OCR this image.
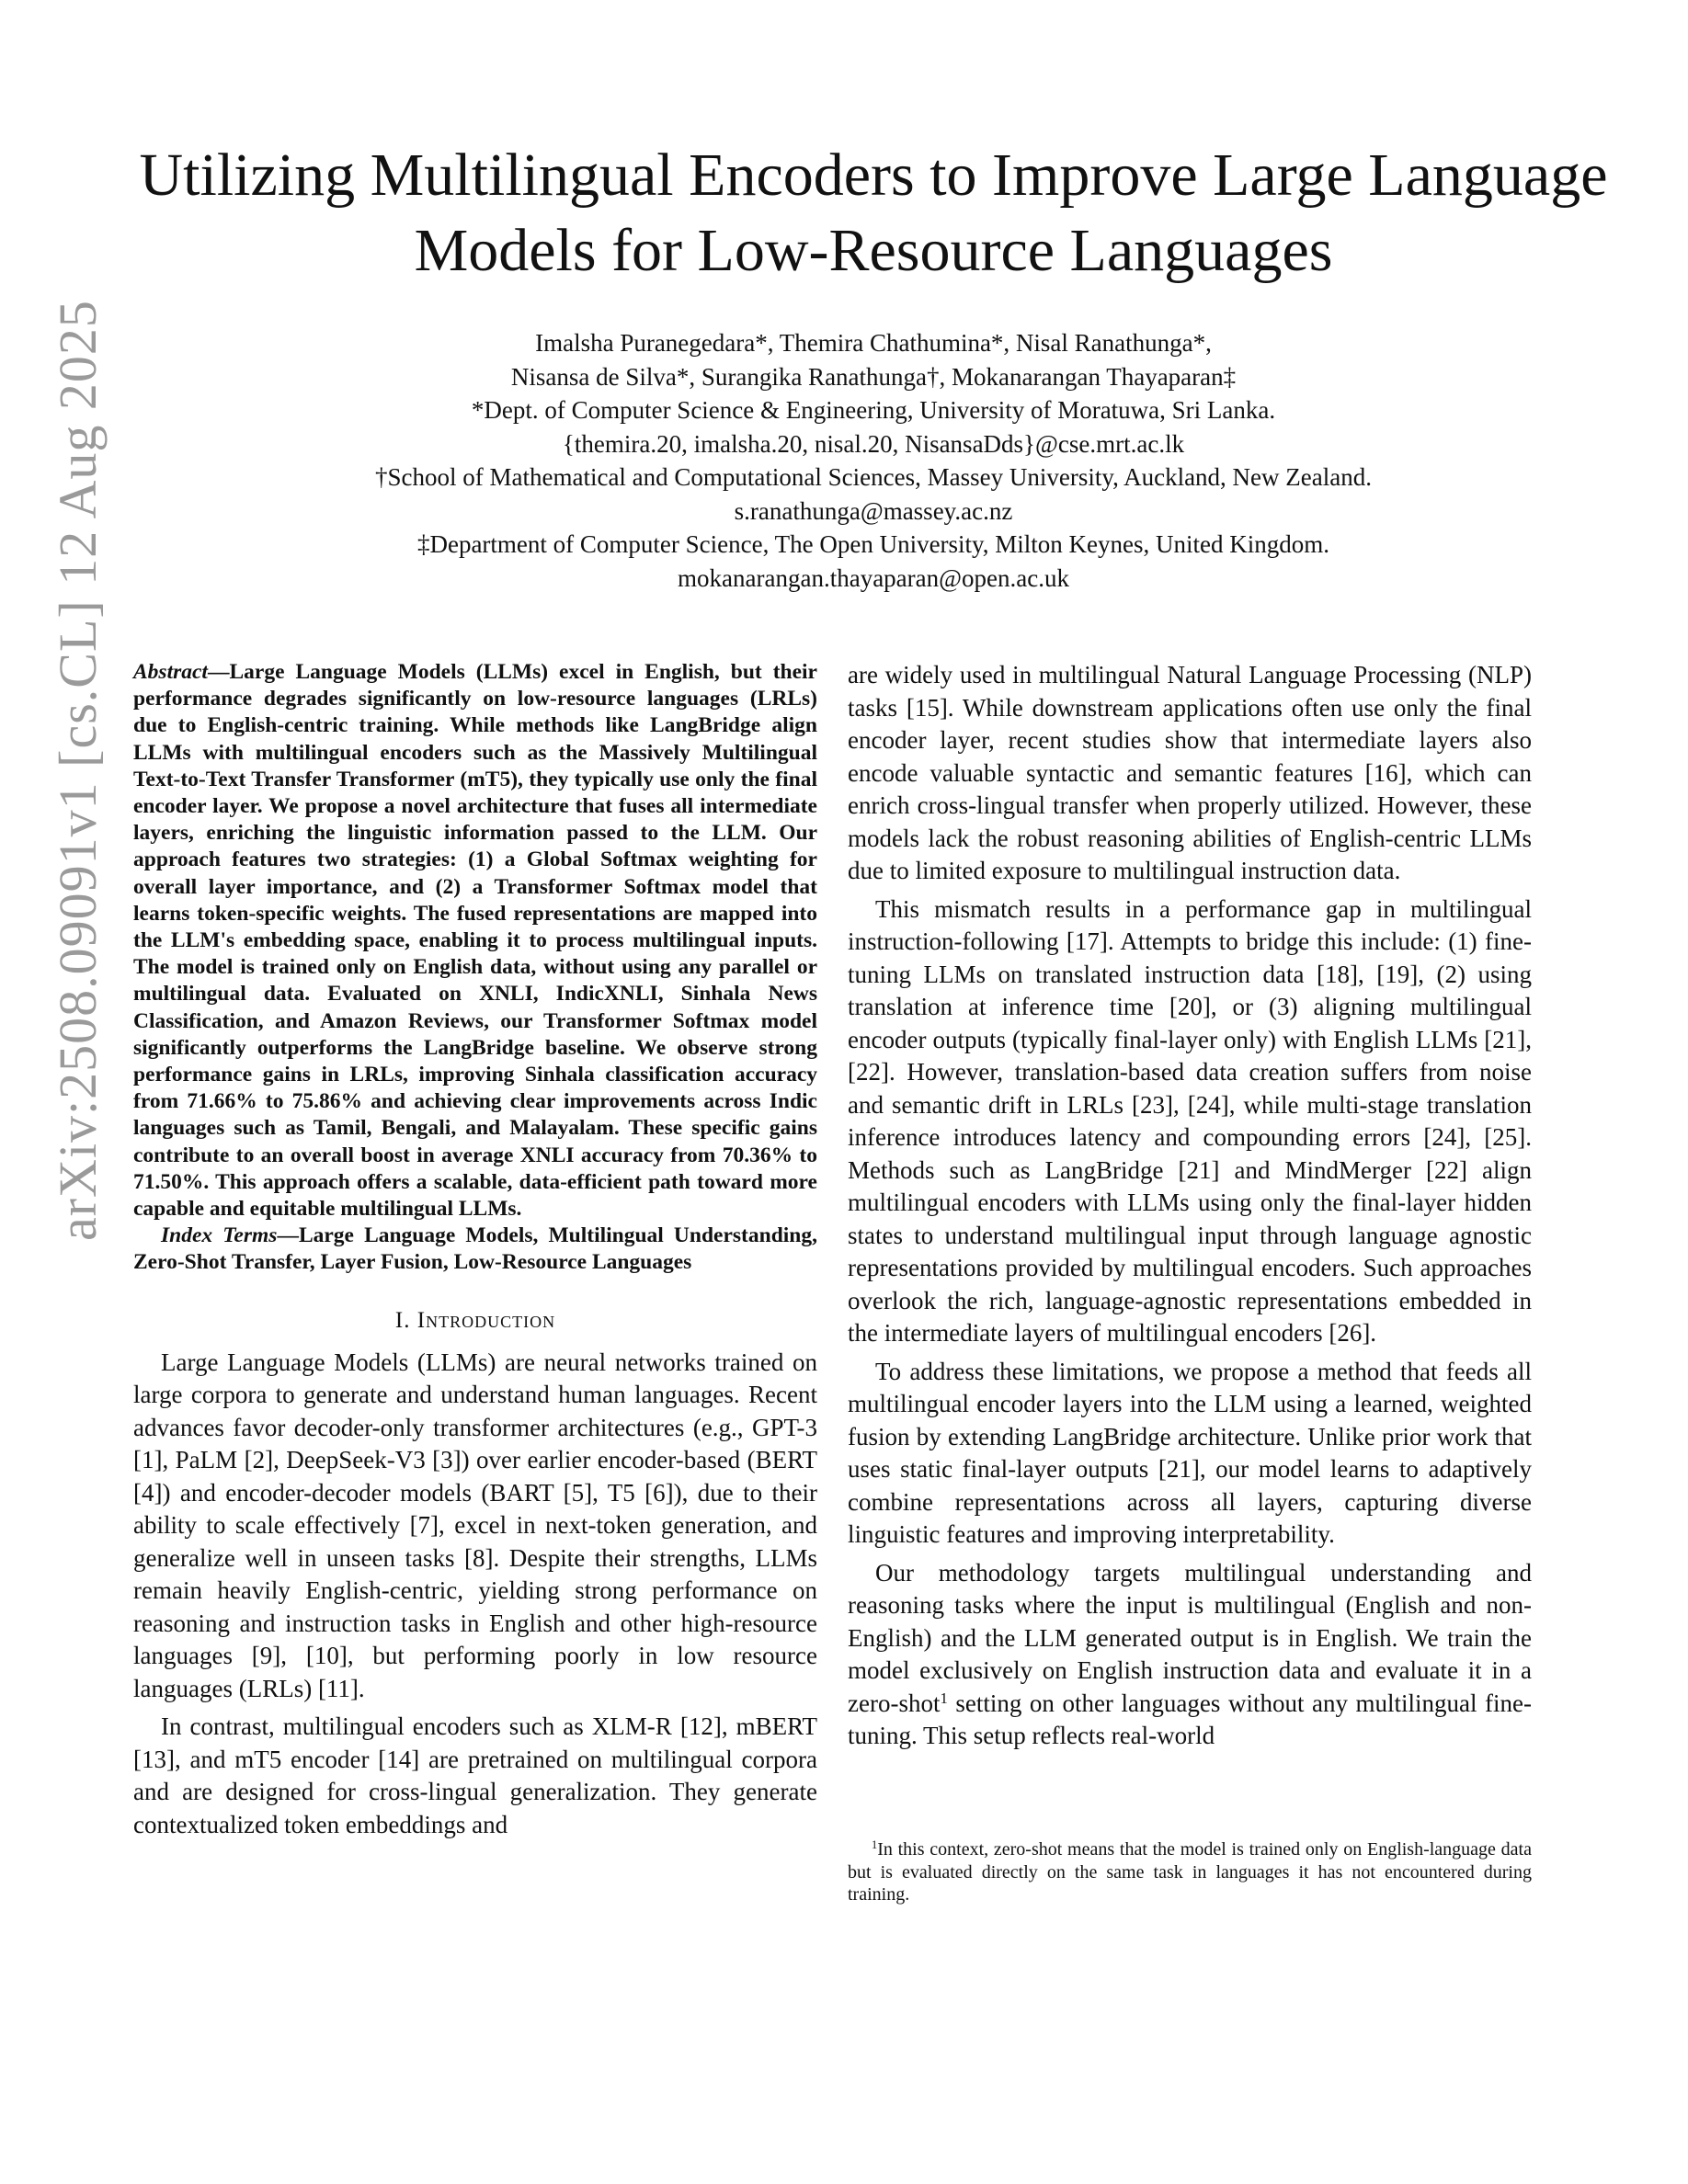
arXiv:2508.09091v1 [cs.CL] 12 Aug 2025
Utilizing Multilingual Encoders to Improve Large Language Models for Low-Resource Languages
Imalsha Puranegedara*, Themira Chathumina*, Nisal Ranathunga*,
Nisansa de Silva*, Surangika Ranathunga†, Mokanarangan Thayaparan‡
*Dept. of Computer Science & Engineering, University of Moratuwa, Sri Lanka.
{themira.20, imalsha.20, nisal.20, NisansaDds}@cse.mrt.ac.lk
†School of Mathematical and Computational Sciences, Massey University, Auckland, New Zealand.
s.ranathunga@massey.ac.nz
‡Department of Computer Science, The Open University, Milton Keynes, United Kingdom.
mokanarangan.thayaparan@open.ac.uk

Abstract—Large Language Models (LLMs) excel in English, but their performance degrades significantly on low-resource languages (LRLs) due to English-centric training. While methods like LangBridge align LLMs with multilingual encoders such as the Massively Multilingual Text-to-Text Transfer Transformer (mT5), they typically use only the final encoder layer. We propose a novel architecture that fuses all intermediate layers, enriching the linguistic information passed to the LLM. Our approach features two strategies: (1) a Global Softmax weighting for overall layer importance, and (2) a Transformer Softmax model that learns token-specific weights. The fused representations are mapped into the LLM's embedding space, enabling it to process multilingual inputs. The model is trained only on English data, without using any parallel or multilingual data. Evaluated on XNLI, IndicXNLI, Sinhala News Classification, and Amazon Reviews, our Transformer Softmax model significantly outperforms the LangBridge baseline. We observe strong performance gains in LRLs, improving Sinhala classification accuracy from 71.66% to 75.86% and achieving clear improvements across Indic languages such as Tamil, Bengali, and Malayalam. These specific gains contribute to an overall boost in average XNLI accuracy from 70.36% to 71.50%. This approach offers a scalable, data-efficient path toward more capable and equitable multilingual LLMs.

Index Terms—Large Language Models, Multilingual Understanding, Zero-Shot Transfer, Layer Fusion, Low-Resource Languages

I. Introduction

Large Language Models (LLMs) are neural networks trained on large corpora to generate and understand human languages. Recent advances favor decoder-only transformer architectures (e.g., GPT-3 [1], PaLM [2], DeepSeek-V3 [3]) over earlier encoder-based (BERT [4]) and encoder-decoder models (BART [5], T5 [6]), due to their ability to scale effectively [7], excel in next-token generation, and generalize well in unseen tasks [8]. Despite their strengths, LLMs remain heavily English-centric, yielding strong performance on reasoning and instruction tasks in English and other high-resource languages [9], [10], but performing poorly in low resource languages (LRLs) [11].

In contrast, multilingual encoders such as XLM-R [12], mBERT [13], and mT5 encoder [14] are pretrained on multilingual corpora and are designed for cross-lingual generalization. They generate contextualized token embeddings and

are widely used in multilingual Natural Language Processing (NLP) tasks [15]. While downstream applications often use only the final encoder layer, recent studies show that intermediate layers also encode valuable syntactic and semantic features [16], which can enrich cross-lingual transfer when properly utilized. However, these models lack the robust reasoning abilities of English-centric LLMs due to limited exposure to multilingual instruction data.

This mismatch results in a performance gap in multilingual instruction-following [17]. Attempts to bridge this include: (1) fine-tuning LLMs on translated instruction data [18], [19], (2) using translation at inference time [20], or (3) aligning multilingual encoder outputs (typically final-layer only) with English LLMs [21], [22]. However, translation-based data creation suffers from noise and semantic drift in LRLs [23], [24], while multi-stage translation inference introduces latency and compounding errors [24], [25]. Methods such as LangBridge [21] and MindMerger [22] align multilingual encoders with LLMs using only the final-layer hidden states to understand multilingual input through language agnostic representations provided by multilingual encoders. Such approaches overlook the rich, language-agnostic representations embedded in the intermediate layers of multilingual encoders [26].

To address these limitations, we propose a method that feeds all multilingual encoder layers into the LLM using a learned, weighted fusion by extending LangBridge architecture. Unlike prior work that uses static final-layer outputs [21], our model learns to adaptively combine representations across all layers, capturing diverse linguistic features and improving interpretability.

Our methodology targets multilingual understanding and reasoning tasks where the input is multilingual (English and non-English) and the LLM generated output is in English. We train the model exclusively on English instruction data and evaluate it in a zero-shot$^1$ setting on other languages without any multilingual fine-tuning. This setup reflects real-world

$^1$In this context, zero-shot means that the model is trained only on English-language data but is evaluated directly on the same task in languages it has not encountered during training.
